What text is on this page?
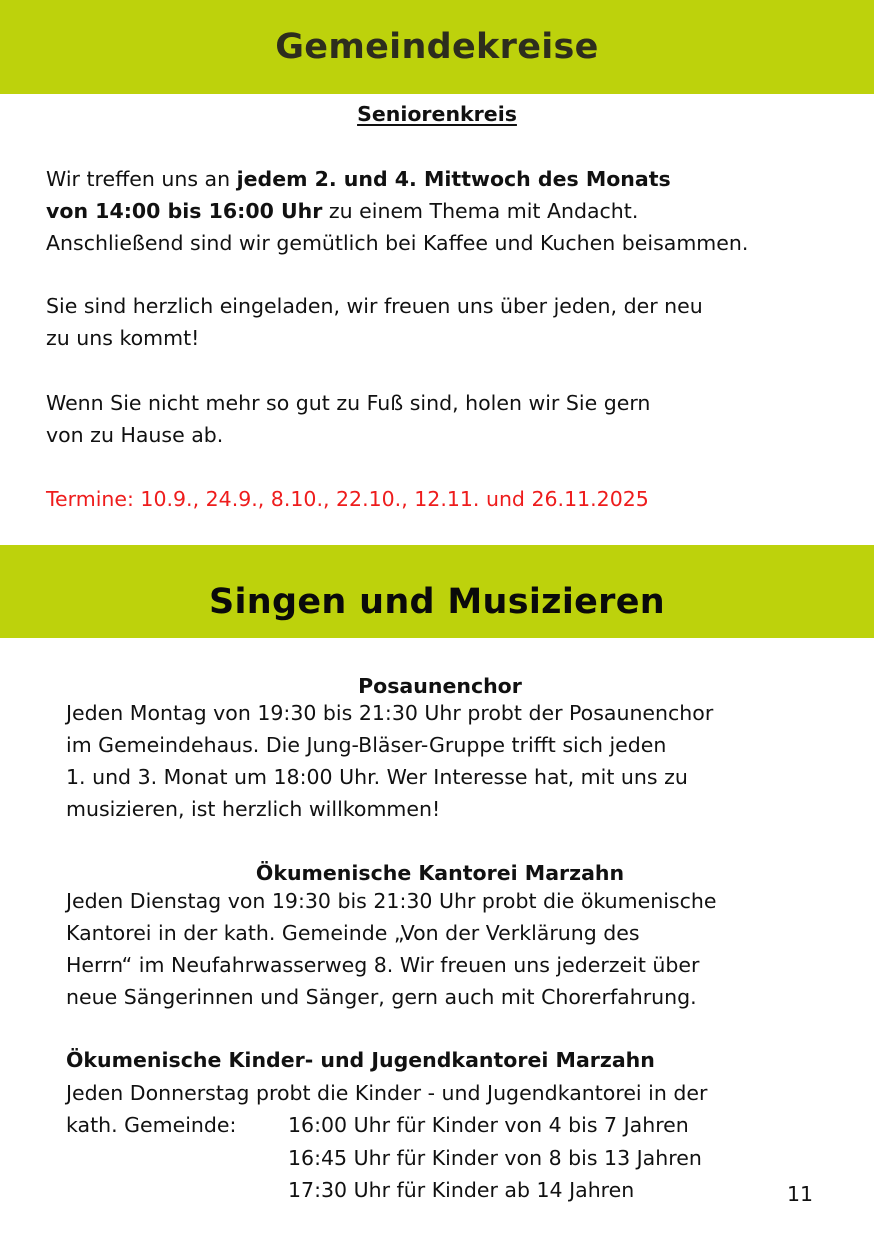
Gemeindekreise
Seniorenkreis
Wir treffen uns an jedem 2. und 4. Mittwoch des Monats
von 14:00 bis 16:00 Uhr zu einem Thema mit Andacht.
Anschließend sind wir gemütlich bei Kaffee und Kuchen beisammen.
Sie sind herzlich eingeladen, wir freuen uns über jeden, der neu
zu uns kommt!
Wenn Sie nicht mehr so gut zu Fuß sind, holen wir Sie gern
von zu Hause ab.
Termine: 10.9., 24.9., 8.10., 22.10., 12.11. und 26.11.2025
Singen und Musizieren
Posaunenchor
Jeden Montag von 19:30 bis 21:30 Uhr probt der Posaunenchor
im Gemeindehaus. Die Jung-Bläser-Gruppe trifft sich jeden
1. und 3. Monat um 18:00 Uhr. Wer Interesse hat, mit uns zu
musizieren, ist herzlich willkommen!
Ökumenische Kantorei Marzahn
Jeden Dienstag von 19:30 bis 21:30 Uhr probt die ökumenische
Kantorei in der kath. Gemeinde „Von der Verklärung des
Herrn“ im Neufahrwasserweg 8. Wir freuen uns jederzeit über
neue Sängerinnen und Sänger, gern auch mit Chorerfahrung.
Ökumenische Kinder- und Jugendkantorei Marzahn
Jeden Donnerstag probt die Kinder - und Jugendkantorei in der
kath. Gemeinde:	16:00 Uhr für Kinder von 4 bis 7 Jahren
16:45 Uhr für Kinder von 8 bis 13 Jahren
17:30 Uhr für Kinder ab 14 Jahren	11
